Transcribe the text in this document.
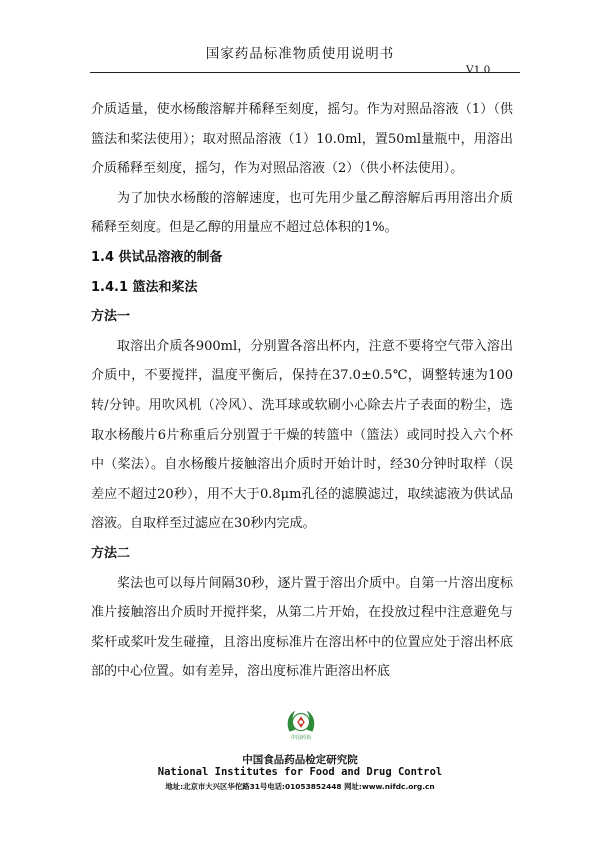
国家药品标准物质使用说明书
V1.0

介质适量，使水杨酸溶解并稀释至刻度，摇匀。作为对照品溶液（1）（供篮法和桨法使用）；取对照品溶液（1）10.0ml，置50ml量瓶中，用溶出介质稀释至刻度，摇匀，作为对照品溶液（2）（供小杯法使用）。

为了加快水杨酸的溶解速度，也可先用少量乙醇溶解后再用溶出介质稀释至刻度。但是乙醇的用量应不超过总体积的1%。

1.4 供试品溶液的制备

1.4.1 篮法和桨法

方法一

取溶出介质各900ml，分别置各溶出杯内，注意不要将空气带入溶出介质中，不要搅拌，温度平衡后，保持在37.0±0.5℃，调整转速为100转/分钟。用吹风机（冷风）、洗耳球或软刷小心除去片子表面的粉尘，选取水杨酸片6片称重后分别置于干燥的转篮中（篮法）或同时投入六个杯中（桨法）。自水杨酸片接触溶出介质时开始计时，经30分钟时取样（误差应不超过20秒），用不大于0.8μm孔径的滤膜滤过，取续滤液为供试品溶液。自取样至过滤应在30秒内完成。

方法二

桨法也可以每片间隔30秒，逐片置于溶出介质中。自第一片溶出度标准片接触溶出介质时开搅拌桨，从第二片开始，在投放过程中注意避免与桨杆或桨叶发生碰撞，且溶出度标准片在溶出杯中的位置应处于溶出杯底部的中心位置。如有差异，溶出度标准片距溶出杯底

中国药检
中国食品药品检定研究院
National Institutes for Food and Drug Control
地址:北京市大兴区华佗路31号电话:01053852448 网址:www.nifdc.org.cn
